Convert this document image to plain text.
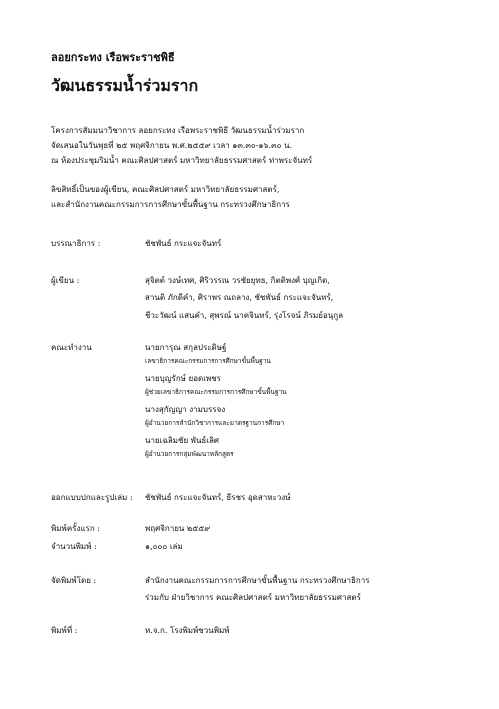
ลอยกระทง เรือพระราชพิธี
วัฒนธรรมน้ำร่วมราก
โครงการสัมมนาวิชาการ ลอยกระทง เรือพระราชพิธี วัฒนธรรมน้ำร่วมราก
จัดเสนอในวันพุธที่ ๒๕ พฤศจิกายน พ.ศ.๒๕๕๙ เวลา ๑๓.๓๐-๑๖.๓๐ น.
ณ ห้องประชุมริมน้ำ คณะศิลปศาสตร์ มหาวิทยาลัยธรรมศาสตร์ ท่าพระจันทร์
ลิขสิทธิ์เป็นของผู้เขียน, คณะศิลปศาสตร์ มหาวิทยาลัยธรรมศาสตร์,
และสำนักงานคณะกรรมการการศึกษาขั้นพื้นฐาน กระทรวงศึกษาธิการ
บรรณาธิการ :	ชัชพันธ์ กระแจะจันทร์
ผู้เขียน :	สุจิตต์ วงษ์เทศ, ศิริวรรณ วรชัยยุทธ, กิตติพงศ์ บุญเกิด,
สานติ ภักดีคำ, ศิราพร ณถลาง, ชัชพันธ์ กระแจะจันทร์,
ชีวะวัฒน์ แสนคำ, สุพรณ์ นาคจินทร์, รุ่งโรจน์ ภิรมย์อนุกูล
คณะทำงาน	นายการุณ สกุลประดิษฐ์
เลขาธิการคณะกรรมการการศึกษาขั้นพื้นฐาน
นายบุญรักษ์ ยอดเพชร
ผู้ช่วยเลขาธิการคณะกรรมการการศึกษาขั้นพื้นฐาน
นางสุกัญญา งามบรรจง
ผู้อำนวยการสำนักวิชาการและมาตรฐานการศึกษา
นายเฉลิมชัย พันธ์เลิศ
ผู้อำนวยการกลุ่มพัฒนาหลักสูตร
ออกแบบปกและรูปเล่ม : ชัชพันธ์ กระแจะจันทร์, ธีรชร อุดสาหะวงษ์
พิมพ์ครั้งแรก :	พฤศจิกายน ๒๕๕๙
จำนวนพิมพ์ :	๑,๐๐๐ เล่ม
จัดพิมพ์โดย :	สำนักงานคณะกรรมการการศึกษาขั้นพื้นฐาน กระทรวงศึกษาธิการ
ร่วมกับ ฝ่ายวิชาการ คณะศิลปศาสตร์ มหาวิทยาลัยธรรมศาสตร์
พิมพ์ที่ :	ห.จ.ก. โรงพิมพ์ชวนพิมพ์
